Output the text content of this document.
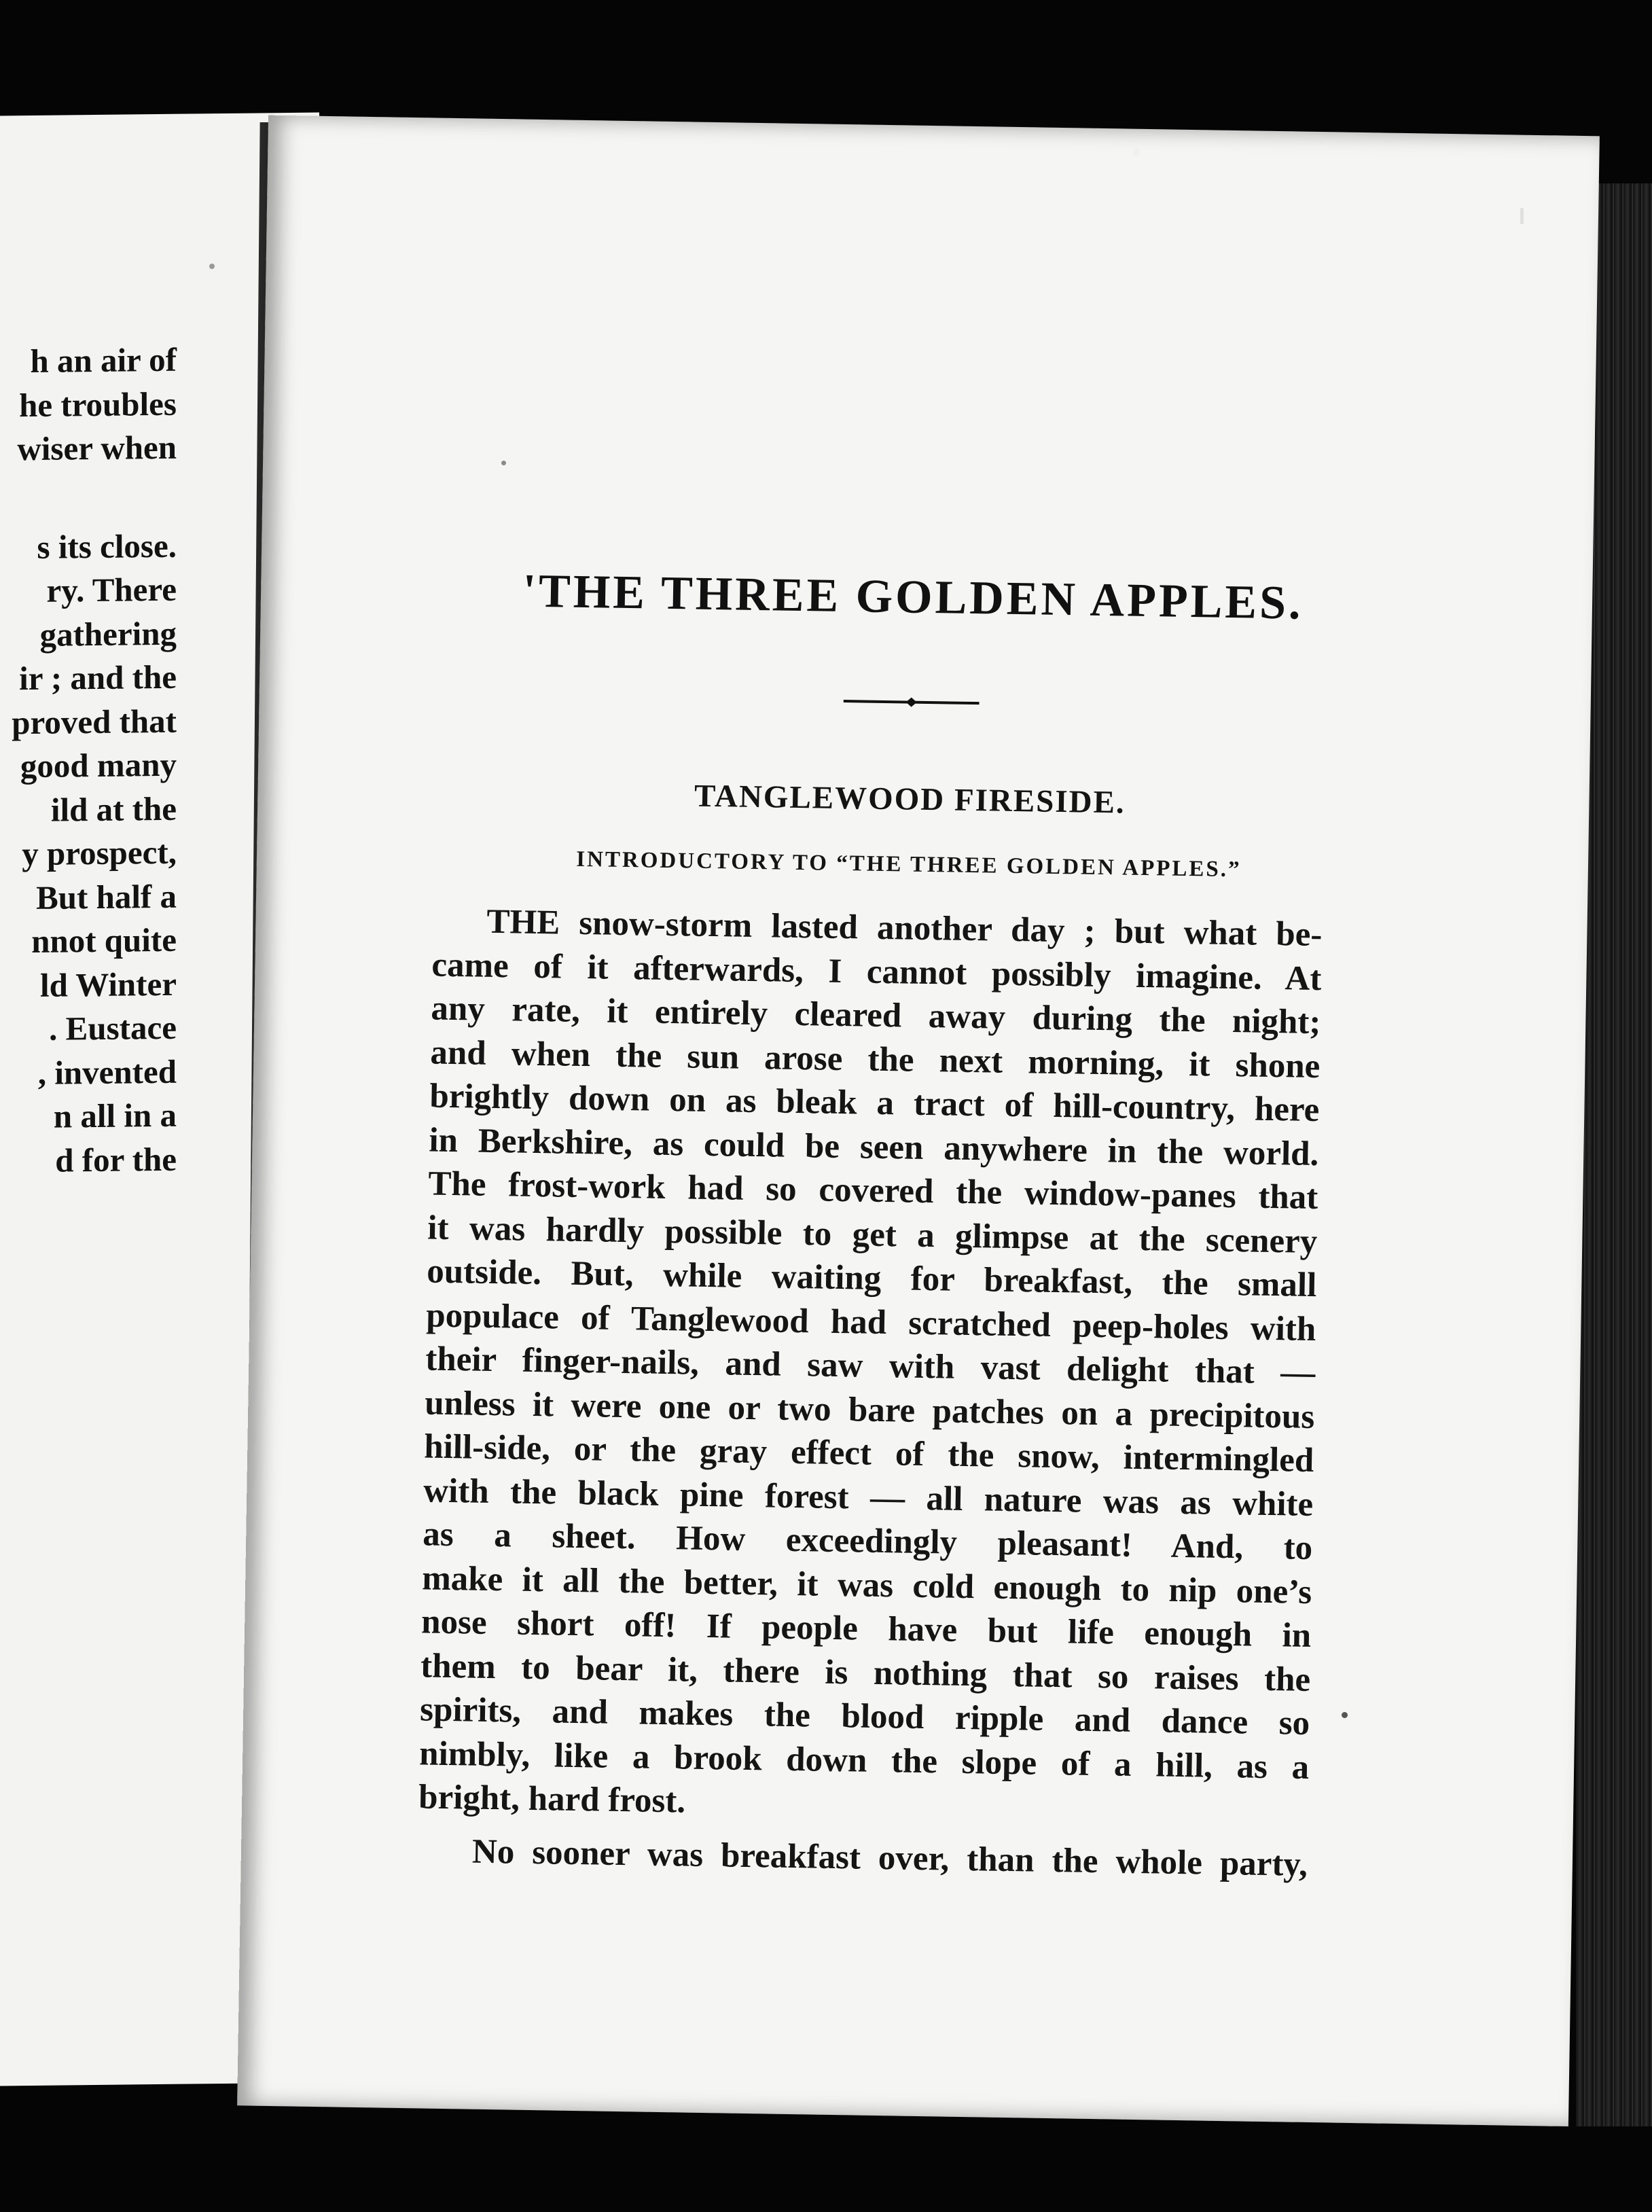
h an air of
he troubles
wiser when
s its close.
ry. There
gathering
ir ; and the
proved that
good many
ild at the
y prospect,
But half a
nnot quite
ld Winter
. Eustace
, invented
n all in a
d for the
'THE THREE GOLDEN APPLES.
TANGLEWOOD FIRESIDE.
INTRODUCTORY TO “THE THREE GOLDEN APPLES.”
THE snow-storm lasted another day ; but what be-
came of it afterwards, I cannot possibly imagine. At
any rate, it entirely cleared away during the night;
and when the sun arose the next morning, it shone
brightly down on as bleak a tract of hill-country, here
in Berkshire, as could be seen anywhere in the world.
The frost-work had so covered the window-panes that
it was hardly possible to get a glimpse at the scenery
outside. But, while waiting for breakfast, the small
populace of Tanglewood had scratched peep-holes with
their finger-nails, and saw with vast delight that —
unless it were one or two bare patches on a precipitous
hill-side, or the gray effect of the snow, intermingled
with the black pine forest — all nature was as white
as a sheet. How exceedingly pleasant! And, to
make it all the better, it was cold enough to nip one’s
nose short off! If people have but life enough in
them to bear it, there is nothing that so raises the
spirits, and makes the blood ripple and dance so
nimbly, like a brook down the slope of a hill, as a
bright, hard frost.
No sooner was breakfast over, than the whole party,
